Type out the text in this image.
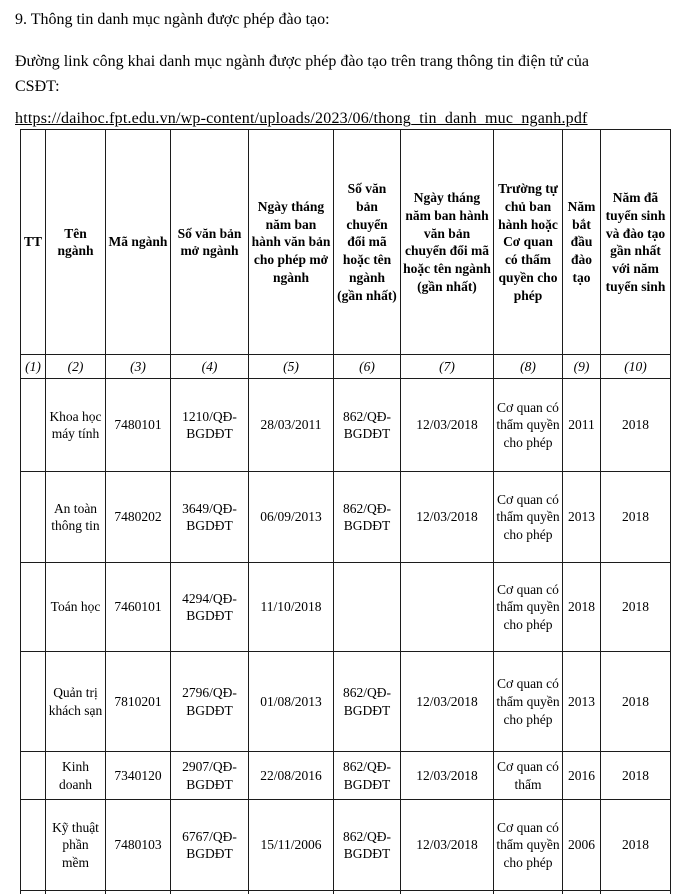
9. Thông tin danh mục ngành được phép đào tạo:
Đường link công khai danh mục ngành được phép đào tạo trên trang thông tin điện tử của CSĐT:
https://daihoc.fpt.edu.vn/wp-content/uploads/2023/06/thong_tin_danh_muc_nganh.pdf
TT	Tên ngành	Mã ngành	Số văn bản mở ngành	Ngày tháng năm ban hành văn bản cho phép mở ngành	Số văn bản chuyển đổi mã hoặc tên ngành (gần nhất)	Ngày tháng năm ban hành văn bản chuyển đổi mã hoặc tên ngành (gần nhất)	Trường tự chủ ban hành hoặc Cơ quan có thẩm quyền cho phép	Năm bắt đầu đào tạo	Năm đã tuyển sinh và đào tạo gần nhất với năm tuyển sinh
(1)	(2)	(3)	(4)	(5)	(6)	(7)	(8)	(9)	(10)
	Khoa học máy tính	7480101	1210/QĐ-BGDĐT	28/03/2011	862/QĐ-BGDĐT	12/03/2018	Cơ quan có thẩm quyền cho phép	2011	2018
	An toàn thông tin	7480202	3649/QĐ-BGDĐT	06/09/2013	862/QĐ-BGDĐT	12/03/2018	Cơ quan có thẩm quyền cho phép	2013	2018
	Toán học	7460101	4294/QĐ-BGDĐT	11/10/2018			Cơ quan có thẩm quyền cho phép	2018	2018
	Quản trị khách sạn	7810201	2796/QĐ-BGDĐT	01/08/2013	862/QĐ-BGDĐT	12/03/2018	Cơ quan có thẩm quyền cho phép	2013	2018
	Kinh doanh	7340120	2907/QĐ-BGDĐT	22/08/2016	862/QĐ-BGDĐT	12/03/2018	Cơ quan có thẩm	2016	2018
	Kỹ thuật phần mềm	7480103	6767/QĐ-BGDĐT	15/11/2006	862/QĐ-BGDĐT	12/03/2018	Cơ quan có thẩm quyền cho phép	2006	2018
